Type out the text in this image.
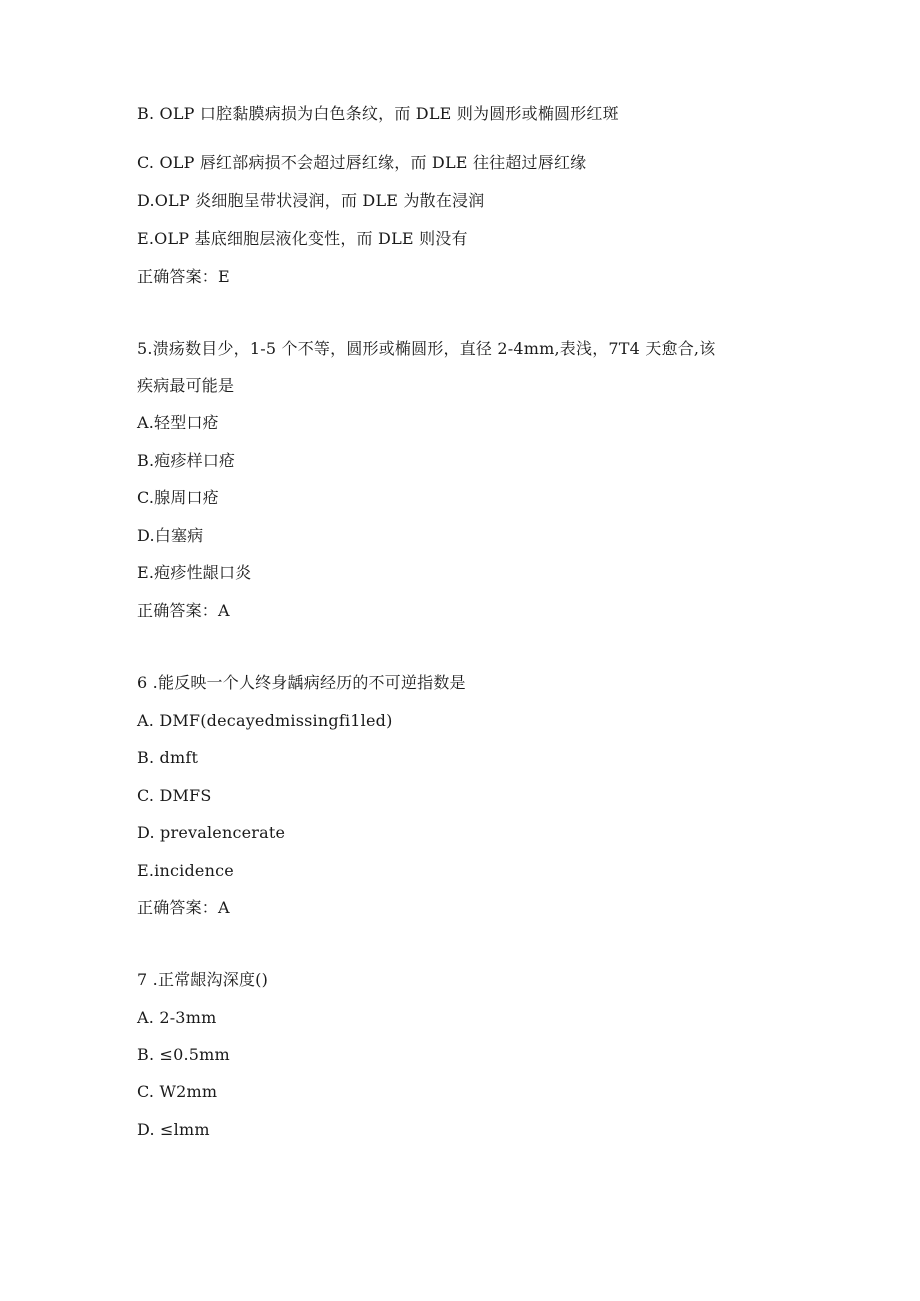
B. OLP 口腔黏膜病损为白色条纹，而 DLE 则为圆形或椭圆形红斑
C. OLP 唇红部病损不会超过唇红缘，而 DLE 往往超过唇红缘
D.OLP 炎细胞呈带状浸润，而 DLE 为散在浸润
E.OLP 基底细胞层液化变性，而 DLE 则没有
正确答案：E
5.溃疡数目少，1-5 个不等，圆形或椭圆形，直径 2-4mm,表浅，7T4 天愈合,该
疾病最可能是
A.轻型口疮
B.疱疹样口疮
C.腺周口疮
D.白塞病
E.疱疹性龈口炎
正确答案：A
6 .能反映一个人终身龋病经历的不可逆指数是
A. DMF(decayedmissingfi1led)
B. dmft
C. DMFS
D. prevalencerate
E.incidence
正确答案：A
7 .正常龈沟深度()
A. 2-3mm
B. ≤0.5mm
C. W2mm
D. ≤lmm
